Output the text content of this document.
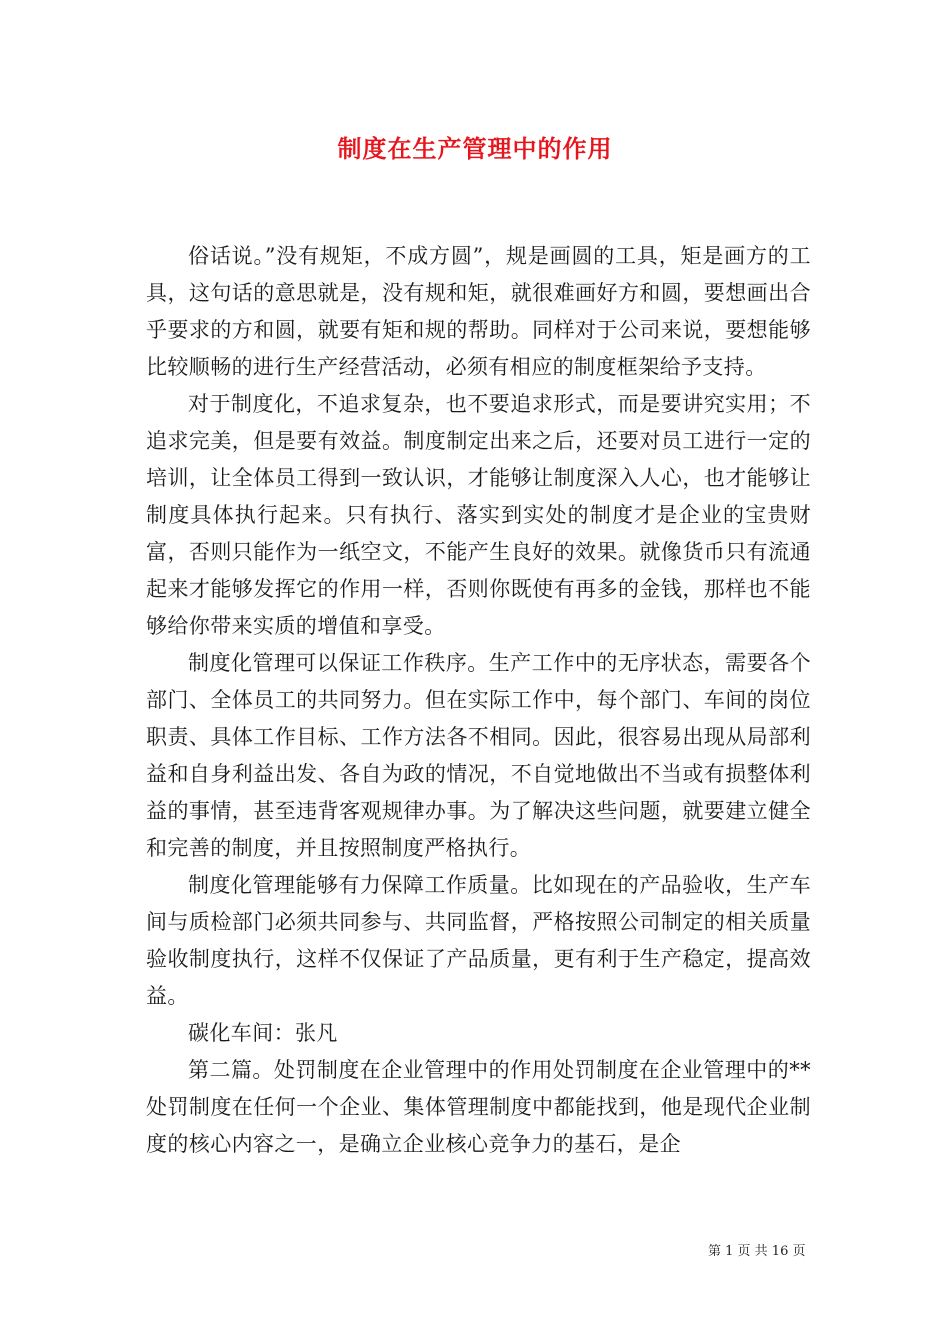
制度在生产管理中的作用

俗话说。”没有规矩，不成方圆”，规是画圆的工具，矩是画方的工具，这句话的意思就是，没有规和矩，就很难画好方和圆，要想画出合乎要求的方和圆，就要有矩和规的帮助。同样对于公司来说，要想能够比较顺畅的进行生产经营活动，必须有相应的制度框架给予支持。

对于制度化，不追求复杂，也不要追求形式，而是要讲究实用；不追求完美，但是要有效益。制度制定出来之后，还要对员工进行一定的培训，让全体员工得到一致认识，才能够让制度深入人心，也才能够让制度具体执行起来。只有执行、落实到实处的制度才是企业的宝贵财富，否则只能作为一纸空文，不能产生良好的效果。就像货币只有流通起来才能够发挥它的作用一样，否则你既使有再多的金钱，那样也不能够给你带来实质的增值和享受。

制度化管理可以保证工作秩序。生产工作中的无序状态，需要各个部门、全体员工的共同努力。但在实际工作中，每个部门、车间的岗位职责、具体工作目标、工作方法各不相同。因此，很容易出现从局部利益和自身利益出发、各自为政的情况，不自觉地做出不当或有损整体利益的事情，甚至违背客观规律办事。为了解决这些问题，就要建立健全和完善的制度，并且按照制度严格执行。

制度化管理能够有力保障工作质量。比如现在的产品验收，生产车间与质检部门必须共同参与、共同监督，严格按照公司制定的相关质量验收制度执行，这样不仅保证了产品质量，更有利于生产稳定，提高效益。

碳化车间：张凡

第二篇。处罚制度在企业管理中的作用处罚制度在企业管理中的**处罚制度在任何一个企业、集体管理制度中都能找到，他是现代企业制度的核心内容之一，是确立企业核心竞争力的基石，是企

第 1 页 共 16 页
